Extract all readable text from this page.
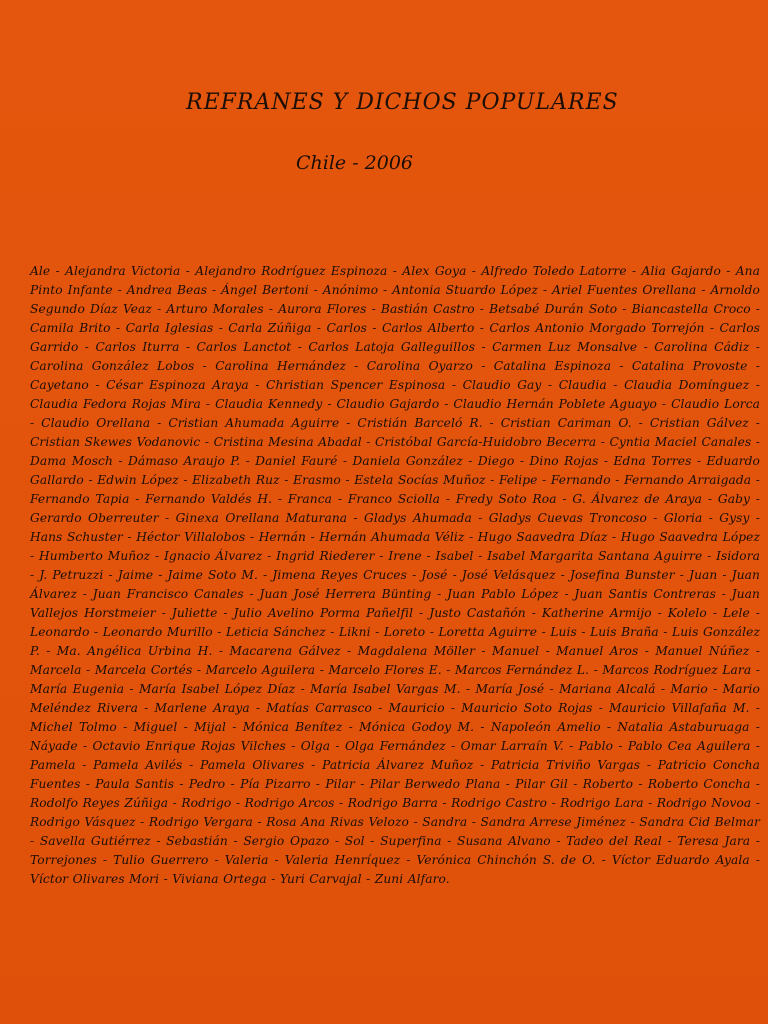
REFRANES Y DICHOS POPULARES
Chile - 2006
Ale - Alejandra Victoria - Alejandro Rodríguez Espinoza - Alex Goya - Alfredo Toledo Latorre - Alia Gajardo - Ana Pinto Infante - Andrea Beas - Ángel Bertoni - Anónimo - Antonia Stuardo López - Ariel Fuentes Orellana - Arnoldo Segundo Díaz Veaz - Arturo Morales - Aurora Flores - Bastián Castro - Betsabé Durán Soto - Biancastella Croco - Camila Brito - Carla Iglesias - Carla Zúñiga - Carlos - Carlos Alberto - Carlos Antonio Morgado Torrejón - Carlos Garrido - Carlos Iturra - Carlos Lanctot - Carlos Latoja Galleguillos - Carmen Luz Monsalve - Carolina Cádiz - Carolina González Lobos - Carolina Hernández - Carolina Oyarzo - Catalina Espinoza - Catalina Provoste - Cayetano - César Espinoza Araya - Christian Spencer Espinosa - Claudio Gay - Claudia - Claudia Domínguez - Claudia Fedora Rojas Mira - Claudia Kennedy - Claudio Gajardo - Claudio Hernán Poblete Aguayo - Claudio Lorca - Claudio Orellana - Cristian Ahumada Aguirre - Cristián Barceló R. - Cristian Cariman O. - Cristian Gálvez - Cristian Skewes Vodanovic - Cristina Mesina Abadal - Cristóbal García-Huidobro Becerra - Cyntia Maciel Canales - Dama Mosch - Dámaso Araujo P. - Daniel Fauré - Daniela González - Diego - Dino Rojas - Edna Torres - Eduardo Gallardo - Edwin López - Elizabeth Ruz - Erasmo - Estela Socías Muñoz - Felipe - Fernando - Fernando Arraigada - Fernando Tapia - Fernando Valdés H. - Franca - Franco Sciolla - Fredy Soto Roa - G. Álvarez de Araya - Gaby - Gerardo Oberreuter - Ginexa Orellana Maturana - Gladys Ahumada - Gladys Cuevas Troncoso - Gloria - Gysy - Hans Schuster - Héctor Villalobos - Hernán - Hernán Ahumada Véliz - Hugo Saavedra Díaz - Hugo Saavedra López - Humberto Muñoz - Ignacio Álvarez - Ingrid Riederer - Irene - Isabel - Isabel Margarita Santana Aguirre - Isidora - J. Petruzzi - Jaime - Jaime Soto M. - Jimena Reyes Cruces - José - José Velásquez - Josefina Bunster - Juan - Juan Álvarez - Juan Francisco Canales - Juan José Herrera Bünting - Juan Pablo López - Juan Santis Contreras - Juan Vallejos Horstmeier - Juliette - Julio Avelino Porma Pañelfil - Justo Castañón - Katherine Armijo - Kolelo - Lele - Leonardo - Leonardo Murillo - Leticia Sánchez - Likni - Loreto - Loretta Aguirre - Luis - Luis Braña - Luis González P. - Ma. Angélica Urbina H. - Macarena Gálvez - Magdalena Möller - Manuel - Manuel Aros - Manuel Núñez - Marcela - Marcela Cortés - Marcelo Aguilera - Marcelo Flores E. - Marcos Fernández L. - Marcos Rodríguez Lara - María Eugenia - María Isabel López Díaz - María Isabel Vargas M. - María José - Mariana Alcalá - Mario - Mario Meléndez Rivera - Marlene Araya - Matías Carrasco - Mauricio - Mauricio Soto Rojas - Mauricio Villafaña M. - Michel Tolmo - Miguel - Mijal - Mónica Benítez - Mónica Godoy M. - Napoleón Amelio - Natalia Astaburuaga - Náyade - Octavio Enrique Rojas Vilches - Olga - Olga Fernández - Omar Larraín V. - Pablo - Pablo Cea Aguilera - Pamela - Pamela Avilés - Pamela Olivares - Patricia Álvarez Muñoz - Patricia Triviño Vargas - Patricio Concha Fuentes - Paula Santis - Pedro - Pía Pizarro - Pilar - Pilar Berwedo Plana - Pilar Gil - Roberto - Roberto Concha - Rodolfo Reyes Zúñiga - Rodrigo - Rodrigo Arcos - Rodrigo Barra - Rodrigo Castro - Rodrigo Lara - Rodrigo Novoa - Rodrigo Vásquez - Rodrigo Vergara - Rosa Ana Rivas Velozo - Sandra - Sandra Arrese Jiménez - Sandra Cid Belmar - Savella Gutiérrez - Sebastián - Sergio Opazo - Sol - Superfina - Susana Alvano - Tadeo del Real - Teresa Jara - Torrejones - Tulio Guerrero - Valeria - Valeria Henríquez - Verónica Chinchón S. de O. - Víctor Eduardo Ayala - Víctor Olivares Mori - Viviana Ortega - Yuri Carvajal - Zuni Alfaro.
